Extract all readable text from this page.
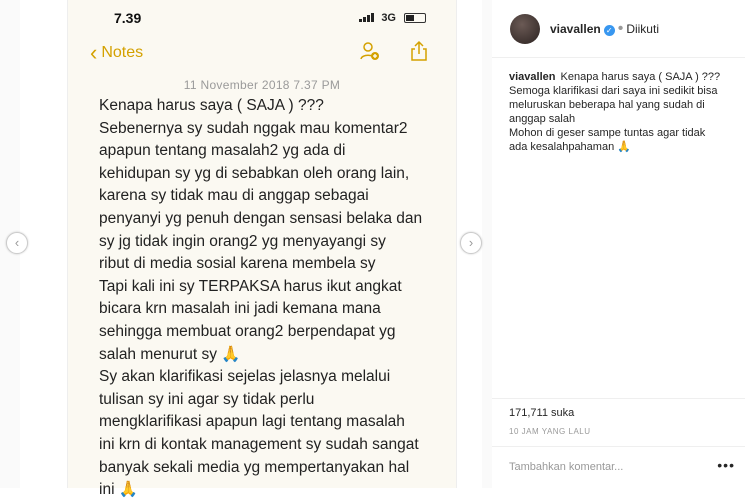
7.39	3G
‹ Notes
11 November 2018 7.37 PM

Kenapa harus saya ( SAJA ) ???

Sebenernya sy sudah nggak mau komentar2

apapun tentang masalah2 yg ada di

kehidupan sy yg di sebabkan oleh orang lain,

karena sy tidak mau di anggap sebagai

penyanyi yg penuh dengan sensasi belaka dan

sy jg tidak ingin orang2 yg menyayangi sy

ribut di media sosial karena membela sy

Tapi kali ini sy TERPAKSA harus ikut angkat

bicara krn masalah ini jadi kemana mana

sehingga membuat orang2 berpendapat yg

salah menurut sy 🙏

Sy akan klarifikasi sejelas jelasnya melalui

tulisan sy ini agar sy tidak perlu

mengklarifikasi apapun lagi tentang masalah

ini krn di kontak management sy sudah sangat

banyak sekali media yg mempertanyakan hal

ini 🙏

‹	›
viavallen ✓ • Diikuti
viavallen Kenapa harus saya ( SAJA ) ???
Semoga klarifikasi dari saya ini sedikit bisa
meluruskan beberapa hal yang sudah di
anggap salah
Mohon di geser sampe tuntas agar tidak
ada kesalahpahaman 🙏
171,711 suka
10 JAM YANG LALU
Tambahkan komentar...	•••
